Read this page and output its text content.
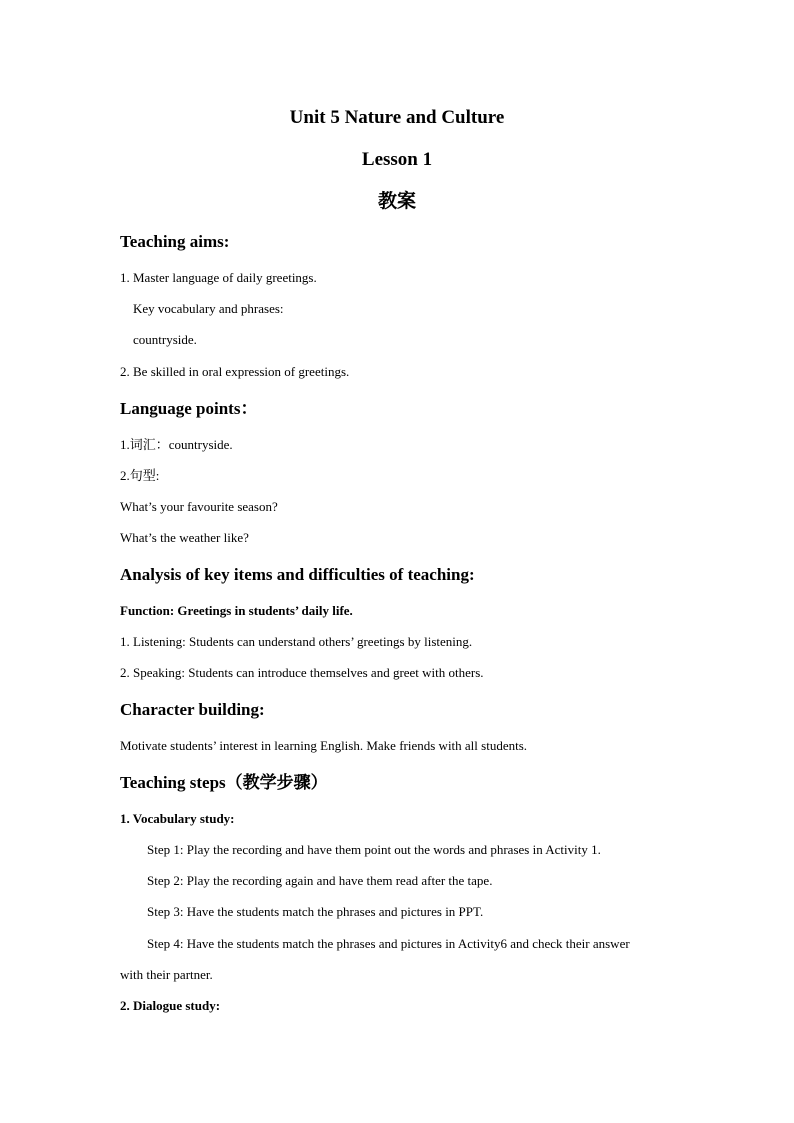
Unit 5 Nature and Culture
Lesson 1
教案
Teaching aims:
1. Master language of daily greetings.
Key vocabulary and phrases:
countryside.
2. Be skilled in oral expression of greetings.
Language points：
1.词汇：countryside.
2.句型:
What’s your favourite season?
What’s the weather like?
Analysis of key items and difficulties of teaching:
Function: Greetings in students’ daily life.
1. Listening: Students can understand others’ greetings by listening.
2. Speaking: Students can introduce themselves and greet with others.
Character building:
Motivate students’ interest in learning English. Make friends with all students.
Teaching steps（教学步骤）
1. Vocabulary study:
Step 1: Play the recording and have them point out the words and phrases in Activity 1.
Step 2: Play the recording again and have them read after the tape.
Step 3: Have the students match the phrases and pictures in PPT.
Step 4: Have the students match the phrases and pictures in Activity6 and check their answer
with their partner.
2. Dialogue study:
